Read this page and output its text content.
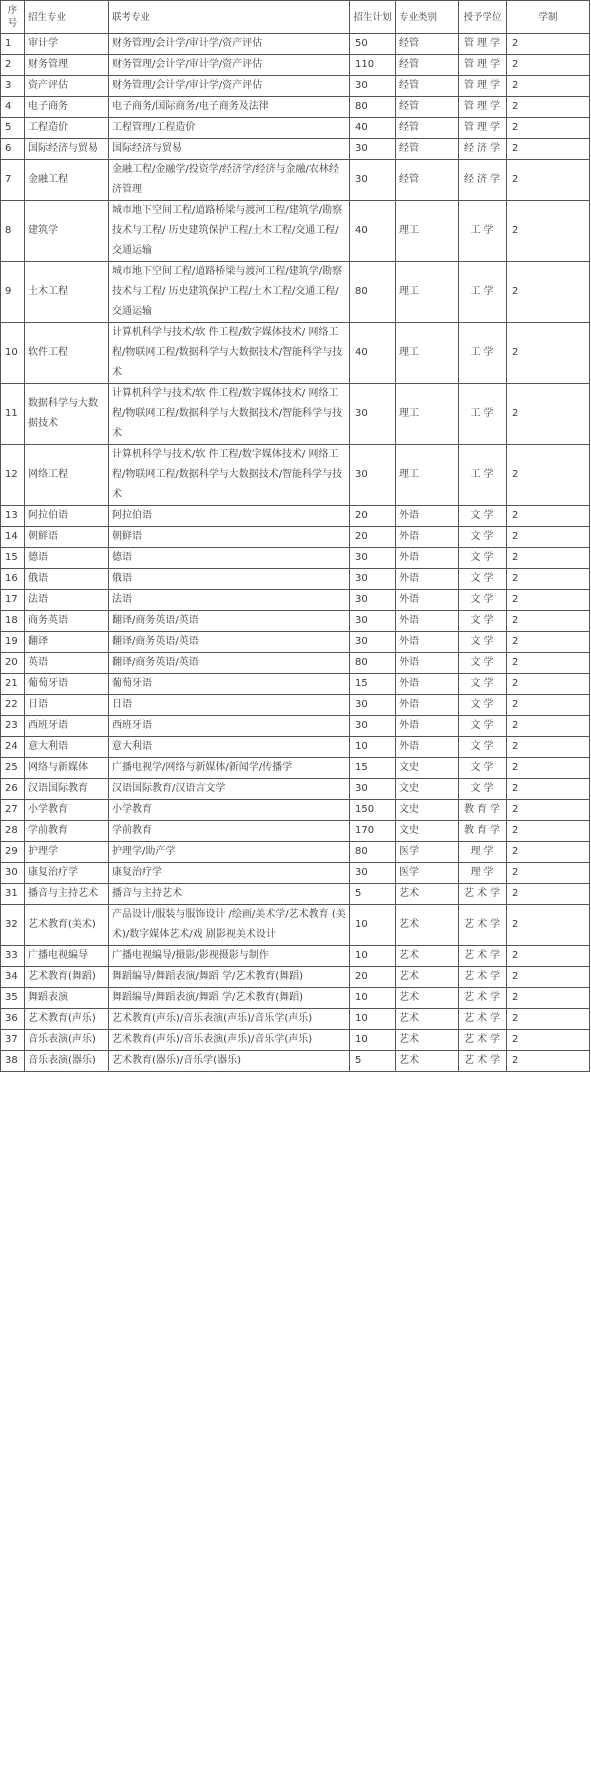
序号	招生专业	联考专业	招生计划	专业类别	授予学位	学制
1	审计学	财务管理/会计学/审计学/资产评估	50	经管	管理学	2
2	财务管理	财务管理/会计学/审计学/资产评估	110	经管	管理学	2
3	资产评估	财务管理/会计学/审计学/资产评估	30	经管	管理学	2
4	电子商务	电子商务/国际商务/电子商务及法律	80	经管	管理学	2
5	工程造价	工程管理/工程造价	40	经管	管理学	2
6	国际经济与贸易	国际经济与贸易	30	经管	经济学	2
7	金融工程	金融工程/金融学/投资学/经济学/经济与金融/农林经济管理	30	经管	经济学	2
8	建筑学	城市地下空间工程/道路桥梁与渡河工程/建筑学/勘察技术与工程/ 历史建筑保护工程/土木工程/交通工程/交通运输	40	理工	工学	2
9	土木工程	城市地下空间工程/道路桥梁与渡河工程/建筑学/勘察技术与工程/ 历史建筑保护工程/土木工程/交通工程/交通运输	80	理工	工学	2
10	软件工程	计算机科学与技术/软 件工程/数字媒体技术/ 网络工程/物联网工程/数据科学与大数据技术/智能科学与技术	40	理工	工学	2
11	数据科学与大数据技术	计算机科学与技术/软 件工程/数字媒体技术/ 网络工程/物联网工程/数据科学与大数据技术/智能科学与技术	30	理工	工学	2
12	网络工程	计算机科学与技术/软 件工程/数字媒体技术/ 网络工程/物联网工程/数据科学与大数据技术/智能科学与技术	30	理工	工学	2
13	阿拉伯语	阿拉伯语	20	外语	文学	2
14	朝鲜语	朝鲜语	20	外语	文学	2
15	德语	德语	30	外语	文学	2
16	俄语	俄语	30	外语	文学	2
17	法语	法语	30	外语	文学	2
18	商务英语	翻译/商务英语/英语	30	外语	文学	2
19	翻译	翻译/商务英语/英语	30	外语	文学	2
20	英语	翻译/商务英语/英语	80	外语	文学	2
21	葡萄牙语	葡萄牙语	15	外语	文学	2
22	日语	日语	30	外语	文学	2
23	西班牙语	西班牙语	30	外语	文学	2
24	意大利语	意大利语	10	外语	文学	2
25	网络与新媒体	广播电视学/网络与新媒体/新闻学/传播学	15	文史	文学	2
26	汉语国际教育	汉语国际教育/汉语言文学	30	文史	文学	2
27	小学教育	小学教育	150	文史	教育学	2
28	学前教育	学前教育	170	文史	教育学	2
29	护理学	护理学/助产学	80	医学	理学	2
30	康复治疗学	康复治疗学	30	医学	理学	2
31	播音与主持艺术	播音与主持艺术	5	艺术	艺术学	2
32	艺术教育(美术)	产品设计/服装与服饰设计 /绘画/美术学/艺术教育 (美术)/数字媒体艺术/戏 剧影视美术设计	10	艺术	艺术学	2
33	广播电视编导	广播电视编导/摄影/影视摄影与制作	10	艺术	艺术学	2
34	艺术教育(舞蹈)	舞蹈编导/舞蹈表演/舞蹈 学/艺术教育(舞蹈)	20	艺术	艺术学	2
35	舞蹈表演	舞蹈编导/舞蹈表演/舞蹈 学/艺术教育(舞蹈)	10	艺术	艺术学	2
36	艺术教育(声乐)	艺术教育(声乐)/音乐表演(声乐)/音乐学(声乐)	10	艺术	艺术学	2
37	音乐表演(声乐)	艺术教育(声乐)/音乐表演(声乐)/音乐学(声乐)	10	艺术	艺术学	2
38	音乐表演(器乐)	艺术教育(器乐)/音乐学(器乐)	5	艺术	艺术学	2
